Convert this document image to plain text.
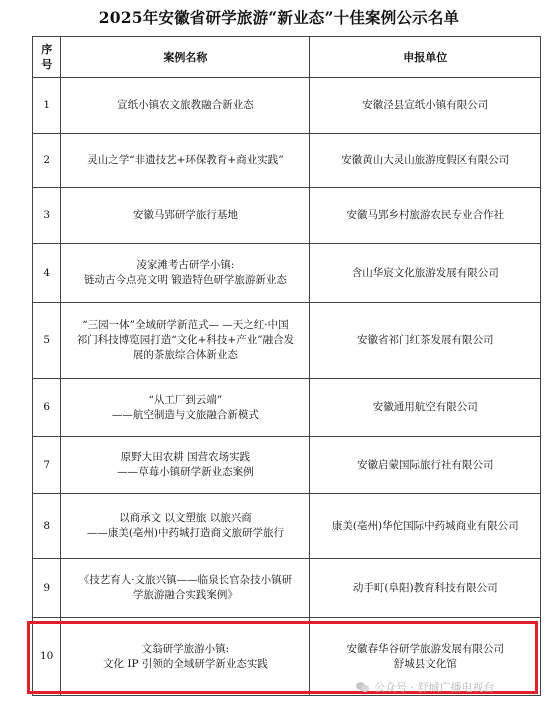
2025年安徽省研学旅游“新业态”十佳案例公示名单
序号	案例名称	申报单位
1	宣纸小镇农文旅教融合新业态	安徽泾县宣纸小镇有限公司

2	灵山之学“非遗技艺+环保教育+商业实践”	安徽黄山大灵山旅游度假区有限公司

3	安徽马郢研学旅行基地	安徽马郢乡村旅游农民专业合作社

4	凌家滩考古研学小镇:
链动古今点亮文明 锻造特色研学旅游新业态	含山华宸文化旅游发展有限公司

5	“三园一体”全域研学新范式— —天之红·中国
祁门科技博览园打造“文化+科技+产业”融合发
展的茶旅综合体新业态	安徽省祁门红茶发展有限公司

6	“从工厂到云端”
——航空制造与文旅融合新模式	安徽通用航空有限公司

7	原野大田农耕 国营农场实践
——草莓小镇研学新业态案例	安徽启蒙国际旅行社有限公司

8	以商承文 以文塑旅 以旅兴商
——康美(亳州)中药城打造商文旅研学旅行	康美(亳州)华佗国际中药城商业有限公司

9	《技艺育人·文旅兴镇——临泉长官杂技小镇研
学旅游融合实践案例》	动手町(阜阳)教育科技有限公司

10	文翁研学旅游小镇:
文化 IP 引领的全域研学新业态实践	安徽春华谷研学旅游发展有限公司
舒城县文化馆
公众号 · 舒城广播电视台
